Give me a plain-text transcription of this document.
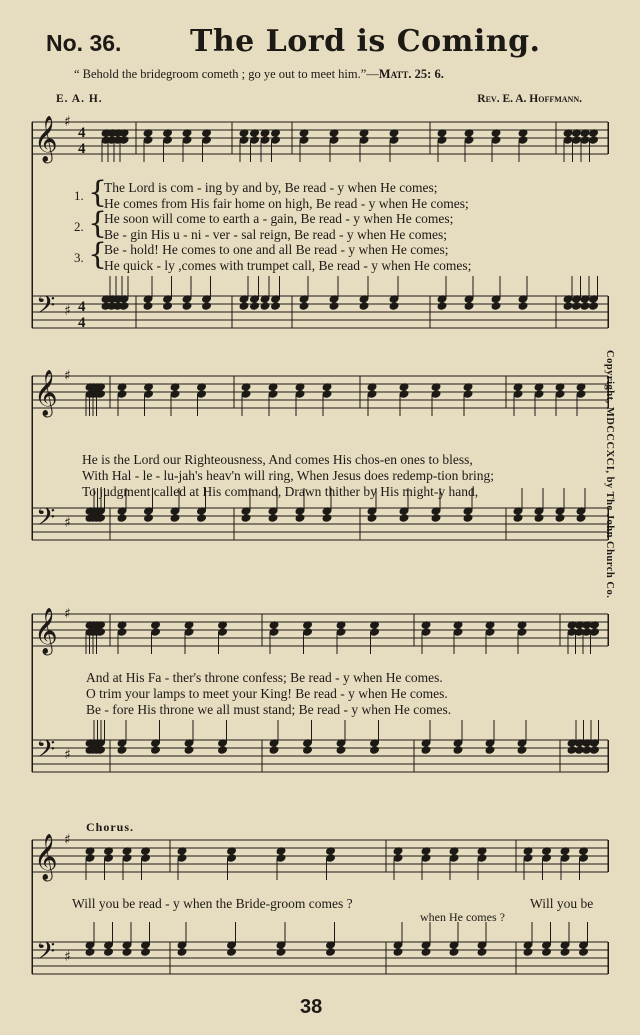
No. 36. The Lord is Coming.
“ Behold the bridegroom cometh ; go ye out to meet him.”—Matt. 25: 6.
E. A. H.	Rev. E. A. Hoffmann.
𝄞
𝄢
♯
♯
4
4
4
4
1.
2.
3.
{
{
{
The Lord is com - ing by and by, Be read - y when He comes;
He comes from His fair home on high, Be read - y when He comes;
He soon will come to earth a - gain, Be read - y when He comes;
Be - gin His u - ni - ver - sal reign, Be read - y when He comes;
Be - hold! He comes to one and all Be read - y when He comes;
He quick - ly ,comes with trumpet call, Be read - y when He comes;
𝄞
𝄢
♯
♯
He is the Lord our Righteousness, And comes His chos-en ones to bless,
With Hal - le - lu-jah's heav'n will ring, When Jesus does redemp-tion bring;
To judgment called at His command, Drawn thither by His might-y hand,
𝄞
𝄢
♯
♯
And at His Fa - ther's throne confess; Be read - y when He comes.
O trim your lamps to meet your King! Be read - y when He comes.
Be - fore His throne we all must stand; Be read - y when He comes.
Chorus.
𝄞
𝄢
♯
♯
Will you be read - y when the Bride-groom comes ?	Will you be
when He comes ?
Copyright, MDCCCXCI, by The John Church Co.
38
